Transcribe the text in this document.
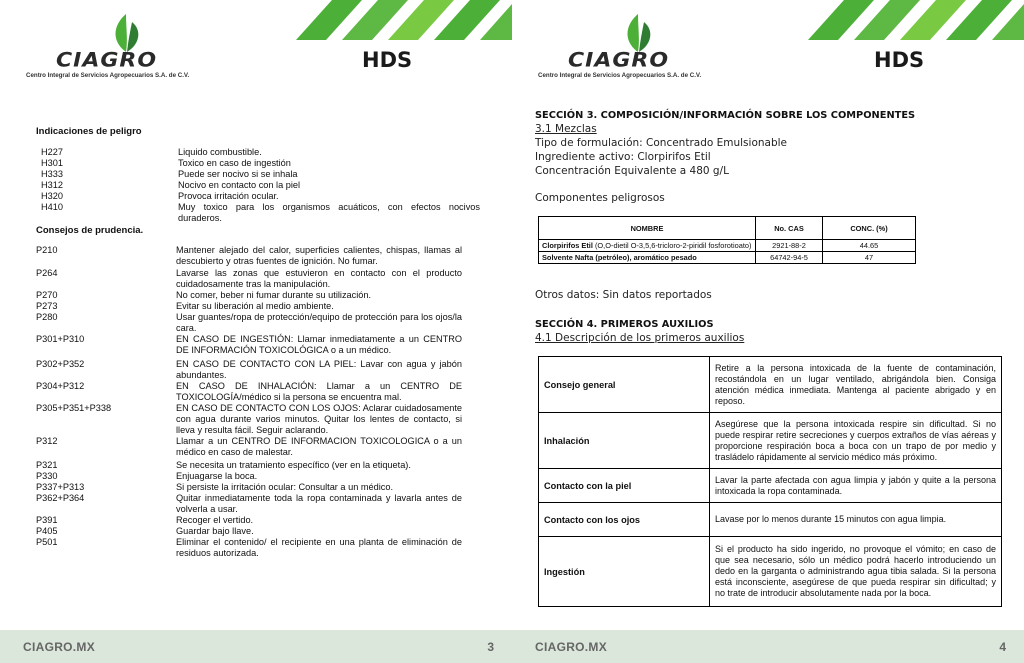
CIAGRO
Centro Integral de Servicios Agropecuarios S.A. de C.V.
HDS
Indicaciones de peligro
H227	Liquido combustible.
H301	Toxico en caso de ingestión
H333	Puede ser nocivo si se inhala
H312	Nocivo en contacto con la piel
H320	Provoca irritación ocular.
H410	Muy toxico para los organismos acuáticos, con efectos nocivos duraderos.
Consejos de prudencia.
P210	Mantener alejado del calor, superficies calientes, chispas, llamas al descubierto y otras fuentes de ignición. No fumar.
P264	Lavarse las zonas que estuvieron en contacto con el producto cuidadosamente tras la manipulación.
P270	No comer, beber ni fumar durante su utilización.
P273	Evitar su liberación al medio ambiente.
P280	Usar guantes/ropa de protección/equipo de protección para los ojos/la cara.
P301+P310	EN CASO DE INGESTIÓN: Llamar inmediatamente a un CENTRO DE INFORMACIÓN TOXICOLÓGICA o a un médico.
P302+P352	EN CASO DE CONTACTO CON LA PIEL: Lavar con agua y jabón abundantes.
P304+P312	EN CASO DE INHALACIÓN: Llamar a un CENTRO DE TOXICOLOGÍA/médico si la persona se encuentra mal.
P305+P351+P338	EN CASO DE CONTACTO CON LOS OJOS: Aclarar cuidadosamente con agua durante varios minutos. Quitar los lentes de contacto, si lleva y resulta fácil. Seguir aclarando.
P312	Llamar a un CENTRO DE INFORMACION TOXICOLOGICA o a un médico en caso de malestar.
P321	Se necesita un tratamiento específico (ver en la etiqueta).
P330	Enjuagarse la boca.
P337+P313	Si persiste la irritación ocular: Consultar a un médico.
P362+P364	Quitar inmediatamente toda la ropa contaminada y lavarla antes de volverla a usar.
P391	Recoger el vertido.
P405	Guardar bajo llave.
P501	Eliminar el contenido/ el recipiente en una planta de eliminación de residuos autorizada.
CIAGRO.MX	3
CIAGRO
Centro Integral de Servicios Agropecuarios S.A. de C.V.
HDS
SECCIÓN 3. COMPOSICIÓN/INFORMACIÓN SOBRE LOS COMPONENTES
3.1 Mezclas
Tipo de formulación: Concentrado Emulsionable
Ingrediente activo: Clorpirifos Etil
Concentración Equivalente a 480 g/L
Componentes peligrosos
NOMBRE	No. CAS	CONC. (%)
Clorpirifos Etil (O,O-dietil O-3,5,6-tricloro-2-piridil fosforotioato)	2921-88-2	44.65
Solvente Nafta (petróleo), aromático pesado	64742-94-5	47
Otros datos: Sin datos reportados
SECCIÓN 4. PRIMEROS AUXILIOS
4.1 Descripción de los primeros auxilios
Consejo general	Retire a la persona intoxicada de la fuente de contaminación, recostándola en un lugar ventilado, abrigándola bien. Consiga atención médica inmediata. Mantenga al paciente abrigado y en reposo.
Inhalación	Asegúrese que la persona intoxicada respire sin dificultad. Si no puede respirar retire secreciones y cuerpos extraños de vías aéreas y proporcione respiración boca a boca con un trapo de por medio y trasládelo rápidamente al servicio médico más próximo.
Contacto con la piel	Lavar la parte afectada con agua limpia y jabón y quite a la persona intoxicada la ropa contaminada.
Contacto con los ojos	Lavase por lo menos durante 15 minutos con agua limpia.
Ingestión	Si el producto ha sido ingerido, no provoque el vómito; en caso de que sea necesario, sólo un médico podrá hacerlo introduciendo un dedo en la garganta o administrando agua tibia salada. Si la persona está inconsciente, asegúrese de que pueda respirar sin dificultad; y no trate de introducir absolutamente nada por la boca.
CIAGRO.MX	4
